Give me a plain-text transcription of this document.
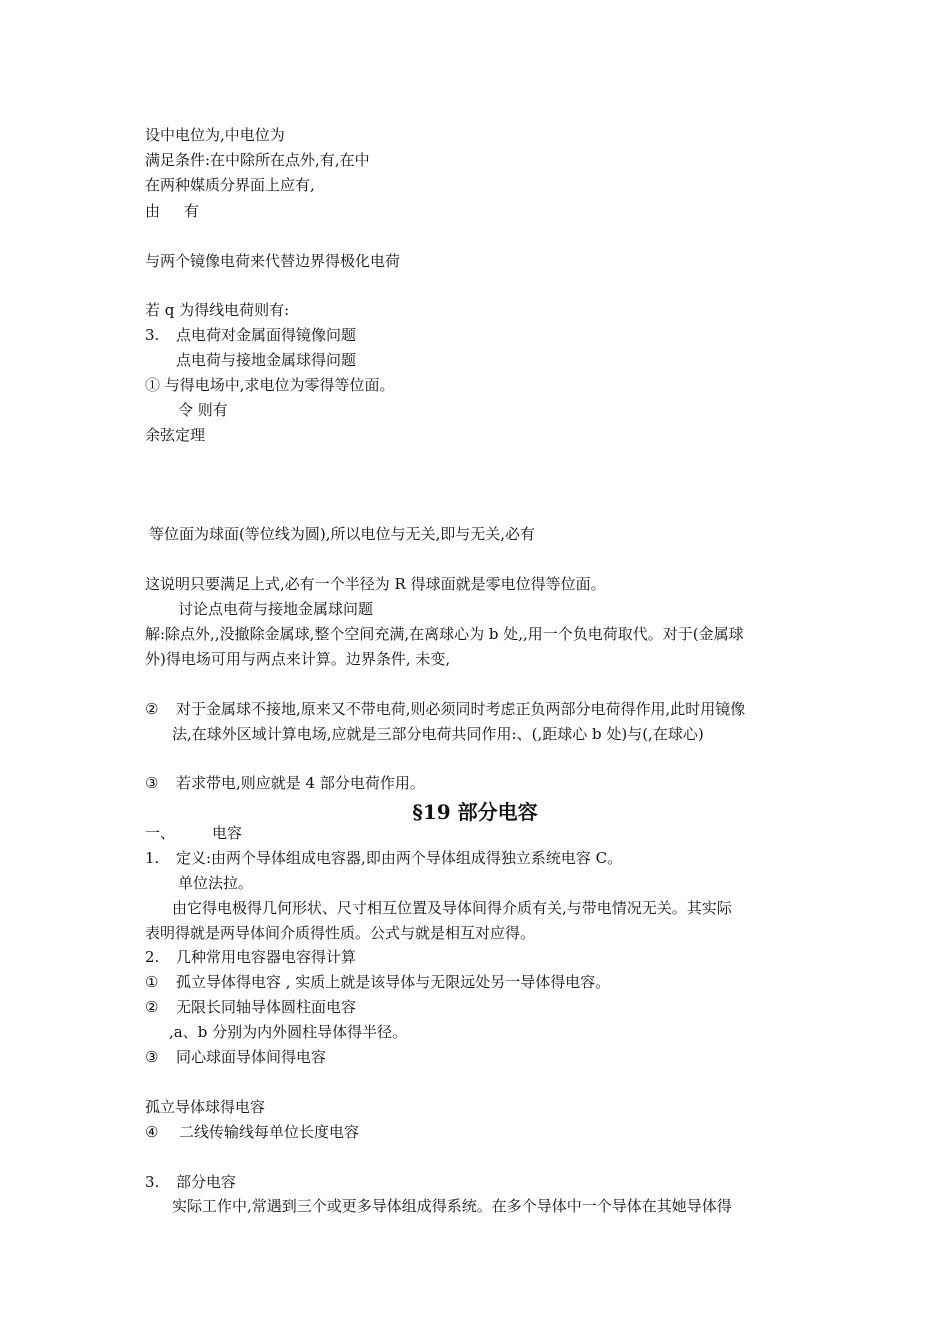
设中电位为,中电位为
满足条件:在中除所在点外,有,在中
在两种媒质分界面上应有,
由 有
与两个镜像电荷来代替边界得极化电荷
若 q 为得线电荷则有:
3. 点电荷对金属面得镜像问题
点电荷与接地金属球得问题
① 与得电场中,求电位为零得等位面。
令 则有
余弦定理
等位面为球面(等位线为圆),所以电位与无关,即与无关,必有
这说明只要满足上式,必有一个半径为 R 得球面就是零电位得等位面。
讨论点电荷与接地金属球问题
解:除点外,,没撤除金属球,整个空间充满,在离球心为 b 处,,用一个负电荷取代。对于(金属球
外)得电场可用与两点来计算。边界条件, 未变,
② 对于金属球不接地,原来又不带电荷,则必须同时考虑正负两部分电荷得作用,此时用镜像
法,在球外区域计算电场,应就是三部分电荷共同作用:、(,距球心 b 处)与(,在球心)
③ 若求带电,则应就是 4 部分电荷作用。
§19 部分电容
一、 电容
1. 定义:由两个导体组成电容器,即由两个导体组成得独立系统电容 C。
单位法拉。
由它得电极得几何形状、尺寸相互位置及导体间得介质有关,与带电情况无关。其实际
表明得就是两导体间介质得性质。公式与就是相互对应得。
2. 几种常用电容器电容得计算
① 孤立导体得电容 , 实质上就是该导体与无限远处另一导体得电容。
② 无限长同轴导体圆柱面电容
,a、b 分别为内外圆柱导体得半径。
③ 同心球面导体间得电容
孤立导体球得电容
④ 二线传输线每单位长度电容
3. 部分电容
实际工作中,常遇到三个或更多导体组成得系统。在多个导体中一个导体在其她导体得
